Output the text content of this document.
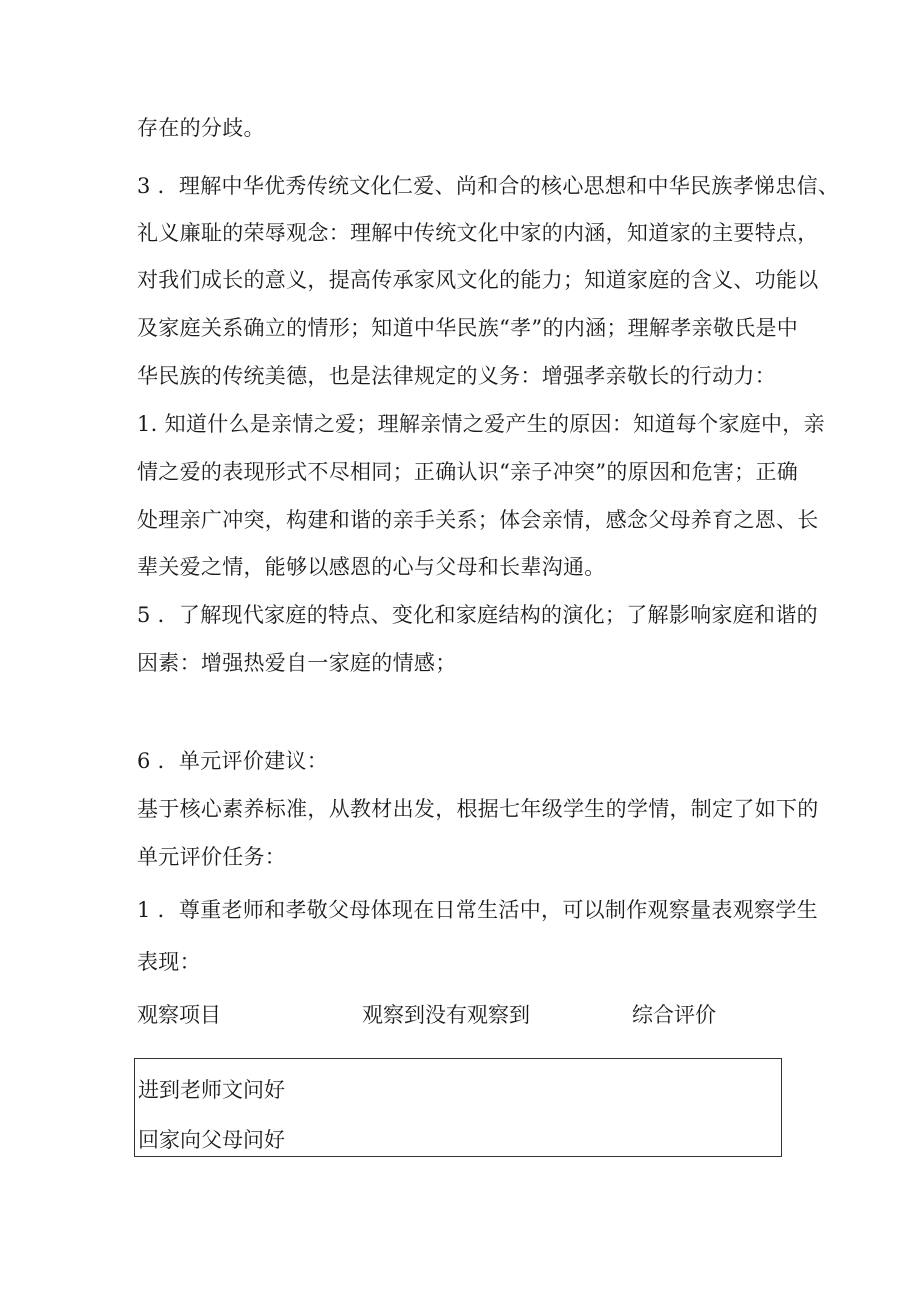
存在的分歧。
3 ．理解中华优秀传统文化仁爱、尚和合的核心思想和中华民族孝悌忠信、
礼义廉耻的荣辱观念：理解中传统文化中家的内涵，知道家的主要特点，
对我们成长的意义，提高传承家风文化的能力；知道家庭的含义、功能以
及家庭关系确立的情形；知道中华民族“孝”的内涵；理解孝亲敬氏是中
华民族的传统美德，也是法律规定的义务：增强孝亲敬长的行动力：
1. 知道什么是亲情之爱；理解亲情之爱产生的原因：知道每个家庭中，亲
情之爱的表现形式不尽相同；正确认识“亲子冲突”的原因和危害；正确
处理亲广冲突，构建和谐的亲手关系；体会亲情，感念父母养育之恩、长
辈关爱之情，能够以感恩的心与父母和长辈沟通。
5 ．了解现代家庭的特点、变化和家庭结构的演化；了解影响家庭和谐的
因素：增强热爱自一家庭的情感；
6 ．单元评价建议：
基于核心素养标准，从教材出发，根据七年级学生的学情，制定了如下的
单元评价任务：
1 ．尊重老师和孝敬父母体现在日常生活中，可以制作观察量表观察学生
表现：
观察项目	观察到没有观察到	综合评价
进到老师文问好
回家向父母问好
